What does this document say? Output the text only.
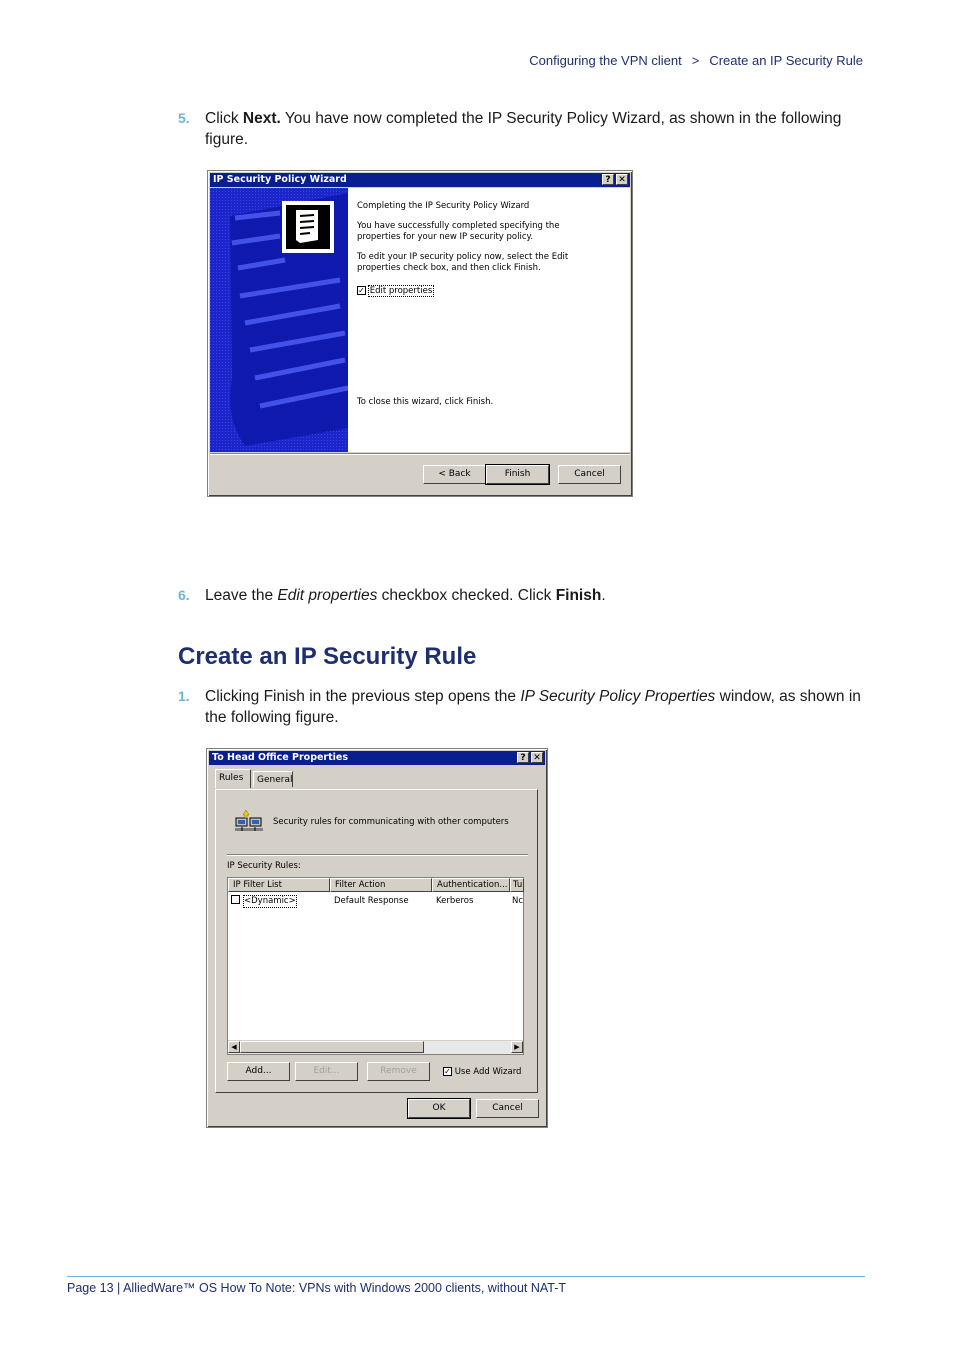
Configuring the VPN client > Create an IP Security Rule
5. Click Next. You have now completed the IP Security Policy Wizard, as shown in the following figure.
IP Security Policy Wizard	? ✕
Completing the IP Security Policy Wizard
You have successfully completed specifying the properties for your new IP security policy.
To edit your IP security policy now, select the Edit properties check box, and then click Finish.
✓ Edit properties
To close this wizard, click Finish.
< Back	Finish	Cancel
6. Leave the Edit properties checkbox checked. Click Finish.
Create an IP Security Rule
1. Clicking Finish in the previous step opens the IP Security Policy Properties window, as shown in the following figure.
To Head Office Properties	? ✕
Rules	General
Security rules for communicating with other computers
IP Security Rules:
IP Filter List	Filter Action	Authentication... Tu
<Dynamic>	Default Response	Kerberos	Nc
◀	▶
Add...	Edit...	Remove	✓ Use Add Wizard
OK	Cancel
Page 13 | AlliedWare™ OS How To Note: VPNs with Windows 2000 clients, without NAT-T
